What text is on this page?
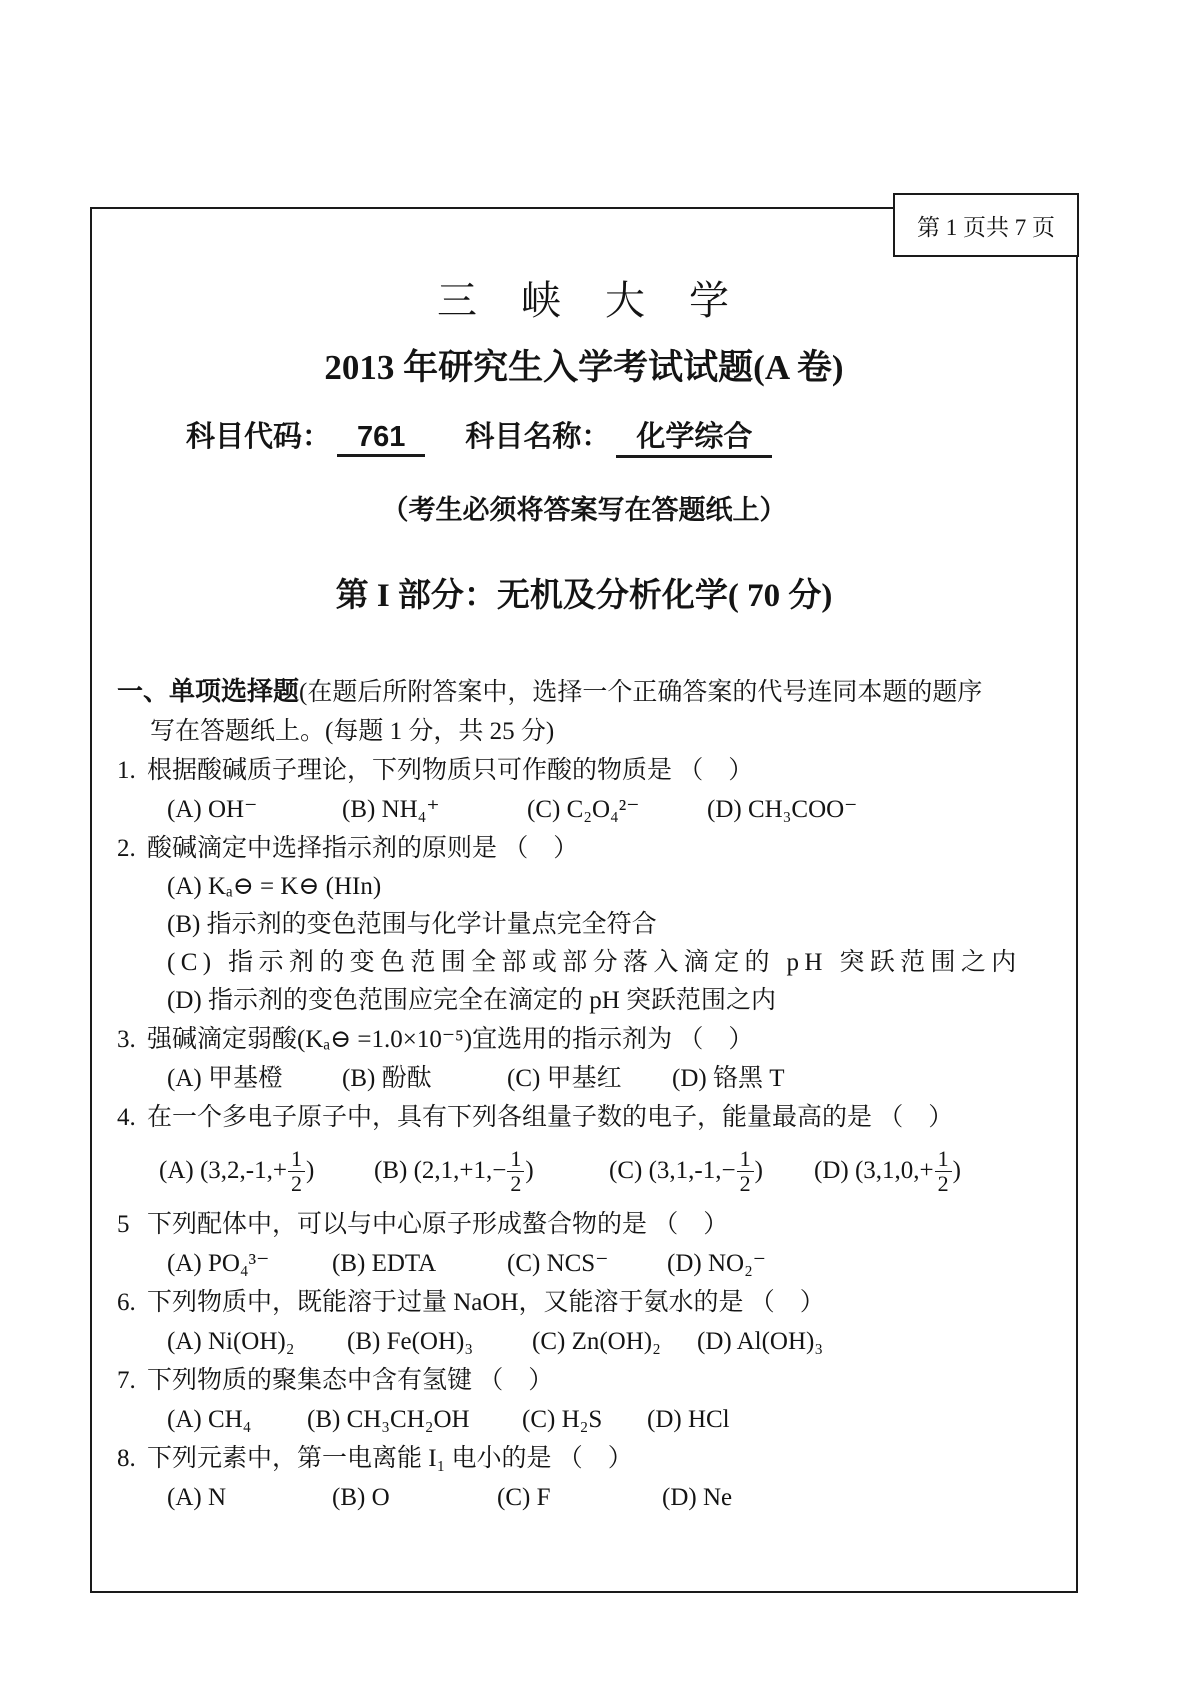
第 1 页共 7 页
三　峡　大　学
2013 年研究生入学考试试题(A 卷)
科目代码： 761 科目名称： 化学综合
（考生必须将答案写在答题纸上）
第 I 部分：无机及分析化学( 70 分)
一、单项选择题(在题后所附答案中，选择一个正确答案的代号连同本题的题序
写在答题纸上。(每题 1 分，共 25 分)
1. 根据酸碱质子理论，下列物质只可作酸的物质是 （　）
(A) OH⁻	(B) NH₄⁺	(C) C₂O₄²⁻	(D) CH₃COO⁻
2. 酸碱滴定中选择指示剂的原则是 （　）
(A) Kₐ⊖ = K⊖ (HIn)
(B) 指示剂的变色范围与化学计量点完全符合
(C) 指示剂的变色范围全部或部分落入滴定的 pH 突跃范围之内
(D) 指示剂的变色范围应完全在滴定的 pH 突跃范围之内
3. 强碱滴定弱酸(Kₐ⊖ =1.0×10⁻⁵)宜选用的指示剂为 （　）
(A) 甲基橙	(B) 酚酞	(C) 甲基红	(D) 铬黑 T
4. 在一个多电子原子中，具有下列各组量子数的电子，能量最高的是 （　）
(A)
($3,2,-1,+ \frac{1}{2}$ ) (B)
($2,1,+1,- \frac{1}{2}$ )	(C)
($3,1,-1,- \frac{1}{2}$ ) (D)
($3,1,0,+ \frac{1}{2}$ )
5 下列配体中，可以与中心原子形成螯合物的是 （　）
(A) PO₄³⁻	(B) EDTA	(C) NCS⁻	(D) NO₂⁻
6. 下列物质中，既能溶于过量 NaOH，又能溶于氨水的是 （　）
(A) Ni(OH)₂	(B) Fe(OH)₃	(C) Zn(OH)₂	(D) Al(OH)₃
7. 下列物质的聚集态中含有氢键 （　）
(A) CH₄	(B) CH₃CH₂OH	(C) H₂S	(D) HCl
8. 下列元素中，第一电离能 I₁ 电小的是 （　）
(A) N	(B) O	(C) F	(D) Ne
